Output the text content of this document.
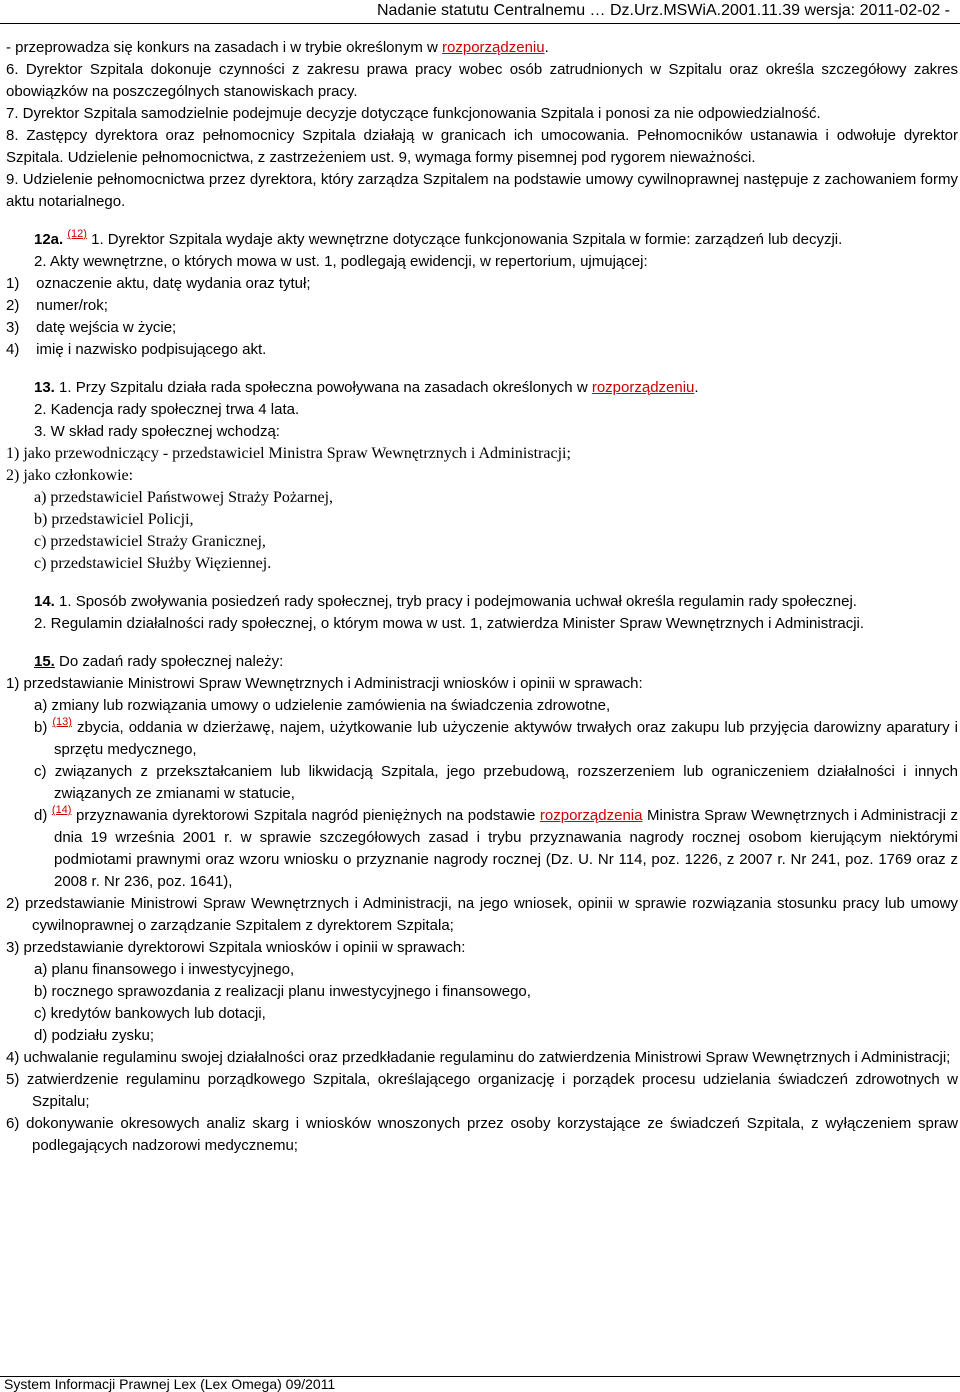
Nadanie statutu Centralnemu … Dz.Urz.MSWiA.2001.11.39 wersja: 2011-02-02 -

- przeprowadza się konkurs na zasadach i w trybie określonym w rozporządzeniu.

6. Dyrektor Szpitala dokonuje czynności z zakresu prawa pracy wobec osób zatrudnionych w Szpitalu oraz określa szczegółowy zakres obowiązków na poszczególnych stanowiskach pracy.

7. Dyrektor Szpitala samodzielnie podejmuje decyzje dotyczące funkcjonowania Szpitala i ponosi za nie odpowiedzialność.

8. Zastępcy dyrektora oraz pełnomocnicy Szpitala działają w granicach ich umocowania. Pełnomocników ustanawia i odwołuje dyrektor Szpitala. Udzielenie pełnomocnictwa, z zastrzeżeniem ust. 9, wymaga formy pisemnej pod rygorem nieważności.

9. Udzielenie pełnomocnictwa przez dyrektora, który zarządza Szpitalem na podstawie umowy cywilnoprawnej następuje z zachowaniem formy aktu notarialnego.

12a. $^{(12)}$ 1. Dyrektor Szpitala wydaje akty wewnętrzne dotyczące funkcjonowania Szpitala w formie: zarządzeń lub decyzji.

2. Akty wewnętrzne, o których mowa w ust. 1, podlegają ewidencji, w repertorium, ujmującej:

1) oznaczenie aktu, datę wydania oraz tytuł;

2) numer/rok;

3) datę wejścia w życie;

4) imię i nazwisko podpisującego akt.

13. 1. Przy Szpitalu działa rada społeczna powoływana na zasadach określonych w rozporządzeniu.

2. Kadencja rady społecznej trwa 4 lata.

3. W skład rady społecznej wchodzą:

1) jako przewodniczący - przedstawiciel Ministra Spraw Wewnętrznych i Administracji;

2) jako członkowie:

a) przedstawiciel Państwowej Straży Pożarnej,

b) przedstawiciel Policji,

c) przedstawiciel Straży Granicznej,

c) przedstawiciel Służby Więziennej.

14. 1. Sposób zwoływania posiedzeń rady społecznej, tryb pracy i podejmowania uchwał określa regulamin rady społecznej.

2. Regulamin działalności rady społecznej, o którym mowa w ust. 1, zatwierdza Minister Spraw Wewnętrznych i Administracji.

15. Do zadań rady społecznej należy:

1) przedstawianie Ministrowi Spraw Wewnętrznych i Administracji wniosków i opinii w sprawach:

a) zmiany lub rozwiązania umowy o udzielenie zamówienia na świadczenia zdrowotne,

b) $^{(13)}$ zbycia, oddania w dzierżawę, najem, użytkowanie lub użyczenie aktywów trwałych oraz zakupu lub przyjęcia darowizny aparatury i sprzętu medycznego,

c) związanych z przekształcaniem lub likwidacją Szpitala, jego przebudową, rozszerzeniem lub ograniczeniem działalności i innych związanych ze zmianami w statucie,

d) $^{(14)}$ przyznawania dyrektorowi Szpitala nagród pieniężnych na podstawie rozporządzenia Ministra Spraw Wewnętrznych i Administracji z dnia 19 września 2001 r. w sprawie szczegółowych zasad i trybu przyznawania nagrody rocznej osobom kierującym niektórymi podmiotami prawnymi oraz wzoru wniosku o przyznanie nagrody rocznej (Dz. U. Nr 114, poz. 1226, z 2007 r. Nr 241, poz. 1769 oraz z 2008 r. Nr 236, poz. 1641),

2) przedstawianie Ministrowi Spraw Wewnętrznych i Administracji, na jego wniosek, opinii w sprawie rozwiązania stosunku pracy lub umowy cywilnoprawnej o zarządzanie Szpitalem z dyrektorem Szpitala;

3) przedstawianie dyrektorowi Szpitala wniosków i opinii w sprawach:

a) planu finansowego i inwestycyjnego,

b) rocznego sprawozdania z realizacji planu inwestycyjnego i finansowego,

c) kredytów bankowych lub dotacji,

d) podziału zysku;

4) uchwalanie regulaminu swojej działalności oraz przedkładanie regulaminu do zatwierdzenia Ministrowi Spraw Wewnętrznych i Administracji;

5) zatwierdzenie regulaminu porządkowego Szpitala, określającego organizację i porządek procesu udzielania świadczeń zdrowotnych w Szpitalu;

6) dokonywanie okresowych analiz skarg i wniosków wnoszonych przez osoby korzystające ze świadczeń Szpitala, z wyłączeniem spraw podlegających nadzorowi medycznemu;

System Informacji Prawnej Lex (Lex Omega) 09/2011
